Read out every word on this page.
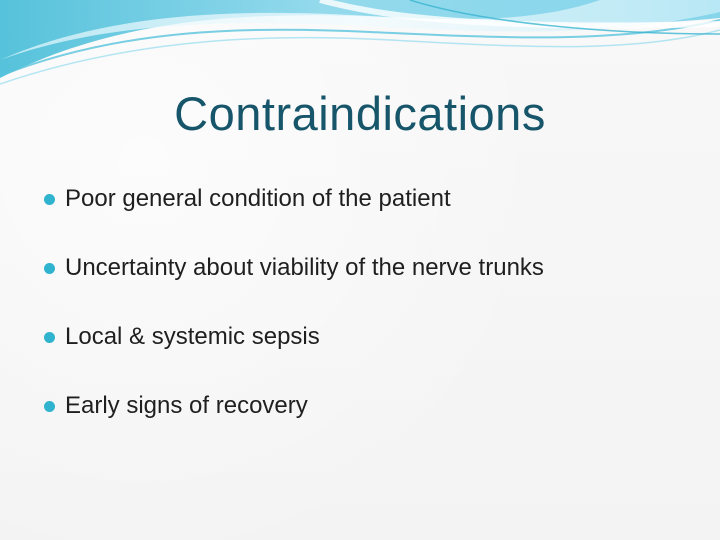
Contraindications
Poor general condition of the patient
Uncertainty about viability of the nerve trunks
Local & systemic sepsis
Early signs of recovery
